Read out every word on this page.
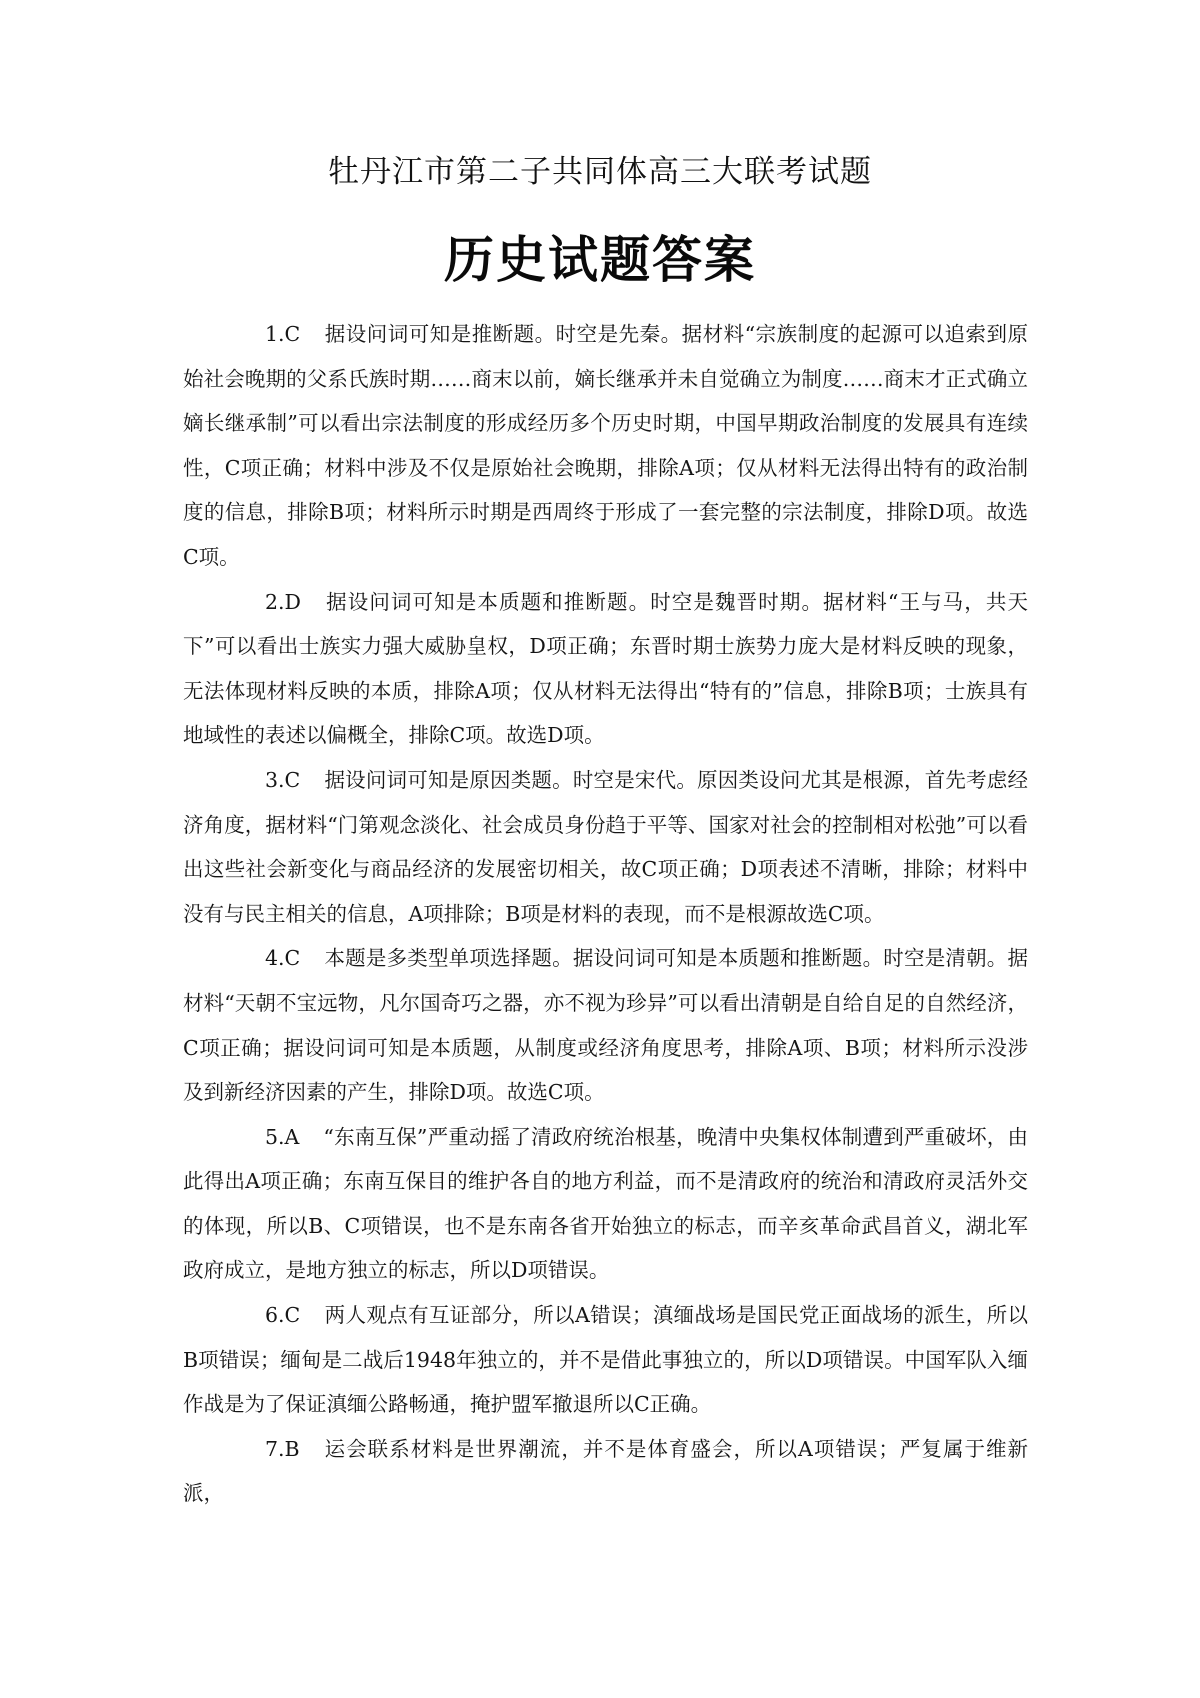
牡丹江市第二子共同体高三大联考试题
历史试题答案

1.C 据设问词可知是推断题。时空是先秦。据材料“宗族制度的起源可以追索到原始社会晚期的父系氏族时期……商末以前，嫡长继承并未自觉确立为制度……商末才正式确立嫡长继承制”可以看出宗法制度的形成经历多个历史时期，中国早期政治制度的发展具有连续性，C项正确；材料中涉及不仅是原始社会晚期，排除A项；仅从材料无法得出特有的政治制度的信息，排除B项；材料所示时期是西周终于形成了一套完整的宗法制度，排除D项。故选C项。

2.D 据设问词可知是本质题和推断题。时空是魏晋时期。据材料“王与马，共天下”可以看出士族实力强大威胁皇权，D项正确；东晋时期士族势力庞大是材料反映的现象，无法体现材料反映的本质，排除A项；仅从材料无法得出“特有的”信息，排除B项；士族具有地域性的表述以偏概全，排除C项。故选D项。

3.C 据设问词可知是原因类题。时空是宋代。原因类设问尤其是根源，首先考虑经济角度，据材料“门第观念淡化、社会成员身份趋于平等、国家对社会的控制相对松弛”可以看出这些社会新变化与商品经济的发展密切相关，故C项正确；D项表述不清晰，排除；材料中没有与民主相关的信息，A项排除；B项是材料的表现，而不是根源故选C项。

4.C 本题是多类型单项选择题。据设问词可知是本质题和推断题。时空是清朝。据材料“天朝不宝远物，凡尔国奇巧之器，亦不视为珍异”可以看出清朝是自给自足的自然经济，C项正确；据设问词可知是本质题，从制度或经济角度思考，排除A项、B项；材料所示没涉及到新经济因素的产生，排除D项。故选C项。

5.A “东南互保”严重动摇了清政府统治根基，晚清中央集权体制遭到严重破坏，由此得出A项正确；东南互保目的维护各自的地方利益，而不是清政府的统治和清政府灵活外交的体现，所以B、C项错误，也不是东南各省开始独立的标志，而辛亥革命武昌首义，湖北军政府成立，是地方独立的标志，所以D项错误。

6.C 两人观点有互证部分，所以A错误；滇缅战场是国民党正面战场的派生，所以B项错误；缅甸是二战后1948年独立的，并不是借此事独立的，所以D项错误。中国军队入缅作战是为了保证滇缅公路畅通，掩护盟军撤退所以C正确。

7.B 运会联系材料是世界潮流，并不是体育盛会，所以A项错误；严复属于维新派，
